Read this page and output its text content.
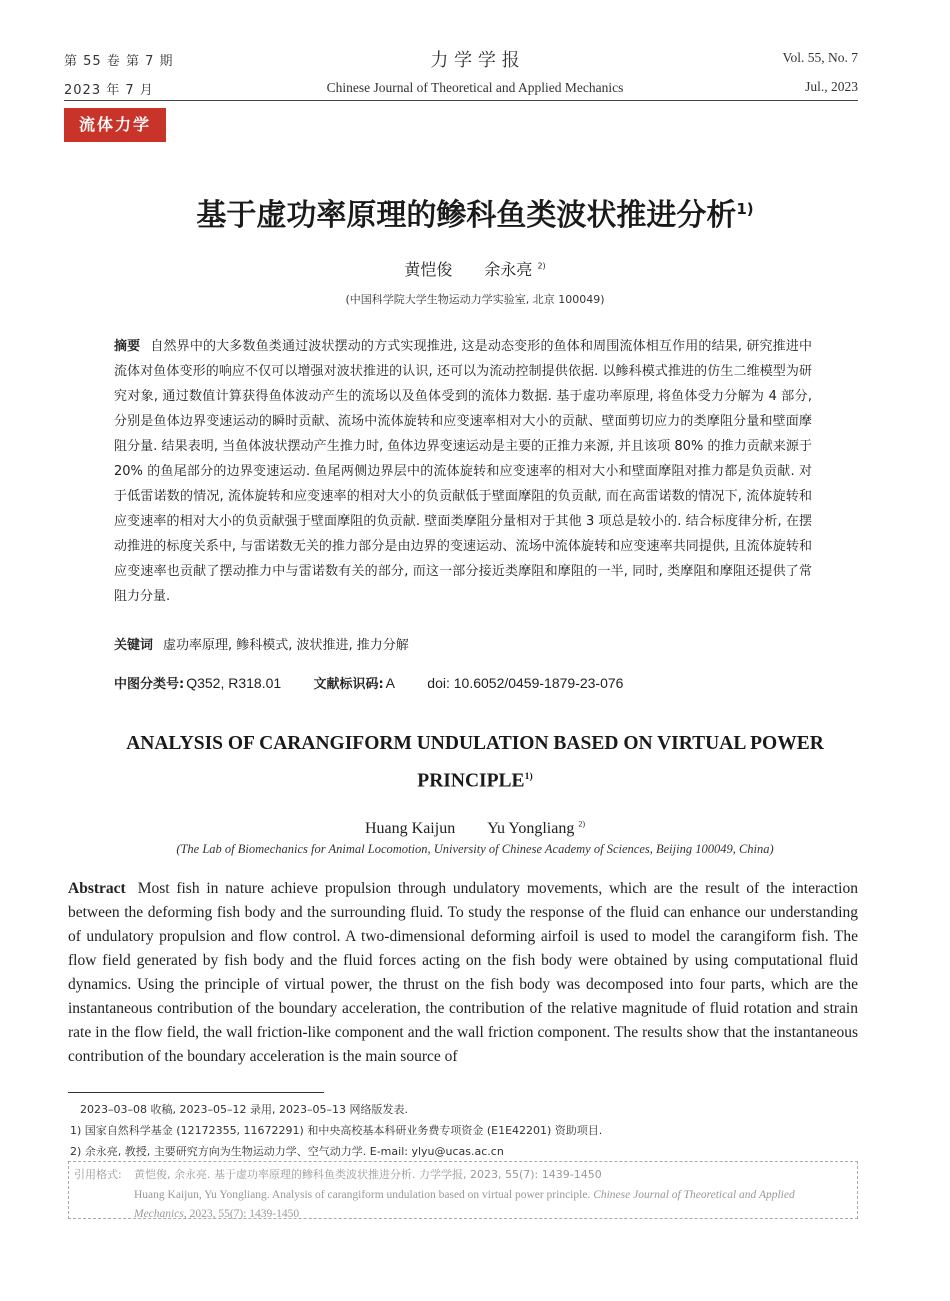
第 55 卷 第 7 期	力 学 学 报	Vol. 55, No. 7
2023 年 7 月	Chinese Journal of Theoretical and Applied Mechanics	Jul., 2023
流体力学
基于虚功率原理的鲹科鱼类波状推进分析$^{1)}$
黄恺俊　　余永亮 $^{2)}$
(中国科学院大学生物运动力学实验室, 北京 100049)
摘要 自然界中的大多数鱼类通过波状摆动的方式实现推进, 这是动态变形的鱼体和周围流体相互作用的结果, 研究推进中流体对鱼体变形的响应不仅可以增强对波状推进的认识, 还可以为流动控制提供依据. 以鲹科模式推进的仿生二维模型为研究对象, 通过数值计算获得鱼体波动产生的流场以及鱼体受到的流体力数据. 基于虚功率原理, 将鱼体受力分解为 4 部分, 分别是鱼体边界变速运动的瞬时贡献、流场中流体旋转和应变速率相对大小的贡献、壁面剪切应力的类摩阻分量和壁面摩阻分量. 结果表明, 当鱼体波状摆动产生推力时, 鱼体边界变速运动是主要的正推力来源, 并且该项 80% 的推力贡献来源于 20% 的鱼尾部分的边界变速运动. 鱼尾两侧边界层中的流体旋转和应变速率的相对大小和壁面摩阻对推力都是负贡献. 对于低雷诺数的情况, 流体旋转和应变速率的相对大小的负贡献低于壁面摩阻的负贡献, 而在高雷诺数的情况下, 流体旋转和应变速率的相对大小的负贡献强于壁面摩阻的负贡献. 壁面类摩阻分量相对于其他 3 项总是较小的. 结合标度律分析, 在摆动推进的标度关系中, 与雷诺数无关的推力部分是由边界的变速运动、流场中流体旋转和应变速率共同提供, 且流体旋转和应变速率也贡献了摆动推力中与雷诺数有关的部分, 而这一部分接近类摩阻和摩阻的一半, 同时, 类摩阻和摩阻还提供了常阻力分量.
关键词 虚功率原理, 鲹科模式, 波状推进, 推力分解
中图分类号: Q352, R318.01 文献标识码: A doi: 10.6052/0459-1879-23-076
ANALYSIS OF CARANGIFORM UNDULATION BASED ON VIRTUAL POWER PRINCIPLE$^{1)}$
Huang Kaijun　　Yu Yongliang $^{2)}$
(The Lab of Biomechanics for Animal Locomotion, University of Chinese Academy of Sciences, Beijing 100049, China)
Abstract Most fish in nature achieve propulsion through undulatory movements, which are the result of the interaction between the deforming fish body and the surrounding fluid. To study the response of the fluid can enhance our understanding of undulatory propulsion and flow control. A two-dimensional deforming airfoil is used to model the carangiform fish. The flow field generated by fish body and the fluid forces acting on the fish body were obtained by using computational fluid dynamics. Using the principle of virtual power, the thrust on the fish body was decomposed into four parts, which are the instantaneous contribution of the boundary acceleration, the contribution of the relative magnitude of fluid rotation and strain rate in the flow field, the wall friction-like component and the wall friction component. The results show that the instantaneous contribution of the boundary acceleration is the main source of
2023–03–08 收稿, 2023–05–12 录用, 2023–05–13 网络版发表.
1) 国家自然科学基金 (12172355, 11672291) 和中央高校基本科研业务费专项资金 (E1E42201) 资助项目.
2) 余永亮, 教授, 主要研究方向为生物运动力学、空气动力学. E-mail: ylyu@ucas.ac.cn
引用格式: 黄恺俊, 余永亮. 基于虚功率原理的鲹科鱼类波状推进分析. 力学学报, 2023, 55(7): 1439-1450
Huang Kaijun, Yu Yongliang. Analysis of carangiform undulation based on virtual power principle. Chinese Journal of Theoretical and Applied Mechanics, 2023, 55(7): 1439-1450
